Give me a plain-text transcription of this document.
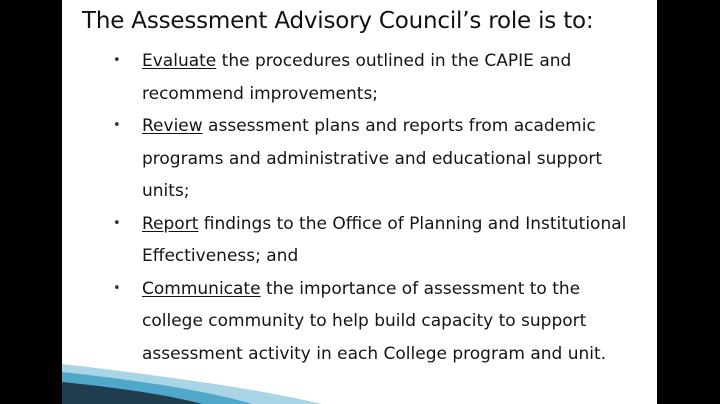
The Assessment Advisory Council’s role is to:
• Evaluate the procedures outlined in the CAPIE and recommend improvements;
• Review assessment plans and reports from academic programs and administrative and educational support units;
• Report findings to the Office of Planning and Institutional Effectiveness; and
• Communicate the importance of assessment to the college community to help build capacity to support assessment activity in each College program and unit.
